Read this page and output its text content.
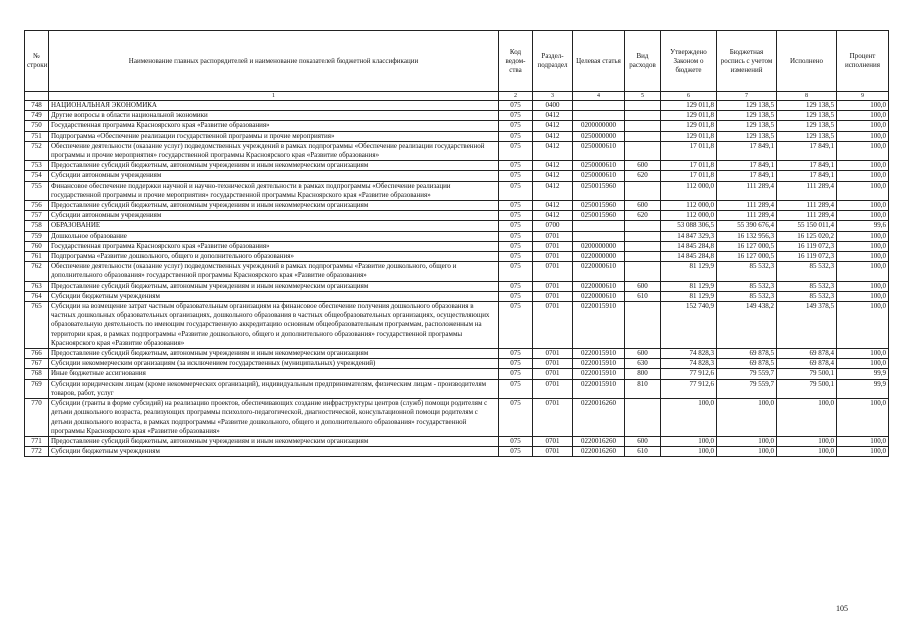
№ строки	Наименование главных распорядителей и наименование показателей бюджетной классификации	Код ведом- ства	Раздел- подраздел	Целевая статья	Вид расходов	Утверждено Законом о бюджете	Бюджетная роспись с учетом изменений	Исполнено	Процент исполнения
	1	2	3	4	5	6	7	8	9
748	НАЦИОНАЛЬНАЯ ЭКОНОМИКА	075	0400			129 011,8	129 138,5	129 138,5	100,0
749	Другие вопросы в области национальной экономики	075	0412			129 011,8	129 138,5	129 138,5	100,0
750	Государственная программа Красноярского края «Развитие образования»	075	0412	0200000000		129 011,8	129 138,5	129 138,5	100,0
751	Подпрограмма «Обеспечение реализации государственной программы и прочие мероприятия»	075	0412	0250000000		129 011,8	129 138,5	129 138,5	100,0
752	Обеспечение деятельности (оказание услуг) подведомственных учреждений в рамках подпрограммы «Обеспечение реализации государственной программы и прочие мероприятия» государственной программы Красноярского края «Развитие образования»	075	0412	0250000610		17 011,8	17 849,1	17 849,1	100,0
753	Предоставление субсидий бюджетным, автономным учреждениям и иным некоммерческим организациям	075	0412	0250000610	600	17 011,8	17 849,1	17 849,1	100,0
754	Субсидии автономным учреждениям	075	0412	0250000610	620	17 011,8	17 849,1	17 849,1	100,0
755	Финансовое обеспечение поддержки научной и научно-технической деятельности в рамках подпрограммы «Обеспечение реализации государственной программы и прочие мероприятия» государственной программы Красноярского края «Развитие образования»	075	0412	0250015960		112 000,0	111 289,4	111 289,4	100,0
756	Предоставление субсидий бюджетным, автономным учреждениям и иным некоммерческим организациям	075	0412	0250015960	600	112 000,0	111 289,4	111 289,4	100,0
757	Субсидии автономным учреждениям	075	0412	0250015960	620	112 000,0	111 289,4	111 289,4	100,0
758	ОБРАЗОВАНИЕ	075	0700			53 088 306,5	55 390 676,4	55 150 011,4	99,6
759	Дошкольное образование	075	0701			14 847 329,3	16 132 956,3	16 125 020,2	100,0
760	Государственная программа Красноярского края «Развитие образования»	075	0701	0200000000		14 845 284,8	16 127 000,5	16 119 072,3	100,0
761	Подпрограмма «Развитие дошкольного, общего и дополнительного образования»	075	0701	0220000000		14 845 284,8	16 127 000,5	16 119 072,3	100,0
762	Обеспечение деятельности (оказание услуг) подведомственных учреждений в рамках подпрограммы «Развитие дошкольного, общего и дополнительного образования» государственной программы Красноярского края «Развитие образования»	075	0701	0220000610		81 129,9	85 532,3	85 532,3	100,0
763	Предоставление субсидий бюджетным, автономным учреждениям и иным некоммерческим организациям	075	0701	0220000610	600	81 129,9	85 532,3	85 532,3	100,0
764	Субсидии бюджетным учреждениям	075	0701	0220000610	610	81 129,9	85 532,3	85 532,3	100,0
765	Субсидии на возмещение затрат частным образовательным организациям на финансовое обеспечение получения дошкольного образования в частных дошкольных образовательных организациях, дошкольного образования в частных общеобразовательных организациях, осуществляющих образовательную деятельность по имеющим государственную аккредитацию основным общеобразовательным программам, расположенным на территории края, в рамках подпрограммы «Развитие дошкольного, общего и дополнительного образования» государственной программы Красноярского края «Развитие образования»	075	0701	0220015910		152 740,9	149 438,2	149 378,5	100,0
766	Предоставление субсидий бюджетным, автономным учреждениям и иным некоммерческим организациям	075	0701	0220015910	600	74 828,3	69 878,5	69 878,4	100,0
767	Субсидии некоммерческим организациям (за исключением государственных (муниципальных) учреждений)	075	0701	0220015910	630	74 828,3	69 878,5	69 878,4	100,0
768	Иные бюджетные ассигнования	075	0701	0220015910	800	77 912,6	79 559,7	79 500,1	99,9
769	Субсидии юридическим лицам (кроме некоммерческих организаций), индивидуальным предпринимателям, физическим лицам - производителям товаров, работ, услуг	075	0701	0220015910	810	77 912,6	79 559,7	79 500,1	99,9
770	Субсидии (гранты в форме субсидий) на реализацию проектов, обеспечивающих создание инфраструктуры центров (служб) помощи родителям с детьми дошкольного возраста, реализующих программы психолого-педагогической, диагностической, консультационной помощи родителям с детьми дошкольного возраста, в рамках подпрограммы «Развитие дошкольного, общего и дополнительного образования» государственной программы Красноярского края «Развитие образования»	075	0701	0220016260		100,0	100,0	100,0	100,0
771	Предоставление субсидий бюджетным, автономным учреждениям и иным некоммерческим организациям	075	0701	0220016260	600	100,0	100,0	100,0	100,0
772	Субсидии бюджетным учреждениям	075	0701	0220016260	610	100,0	100,0	100,0	100,0
105
